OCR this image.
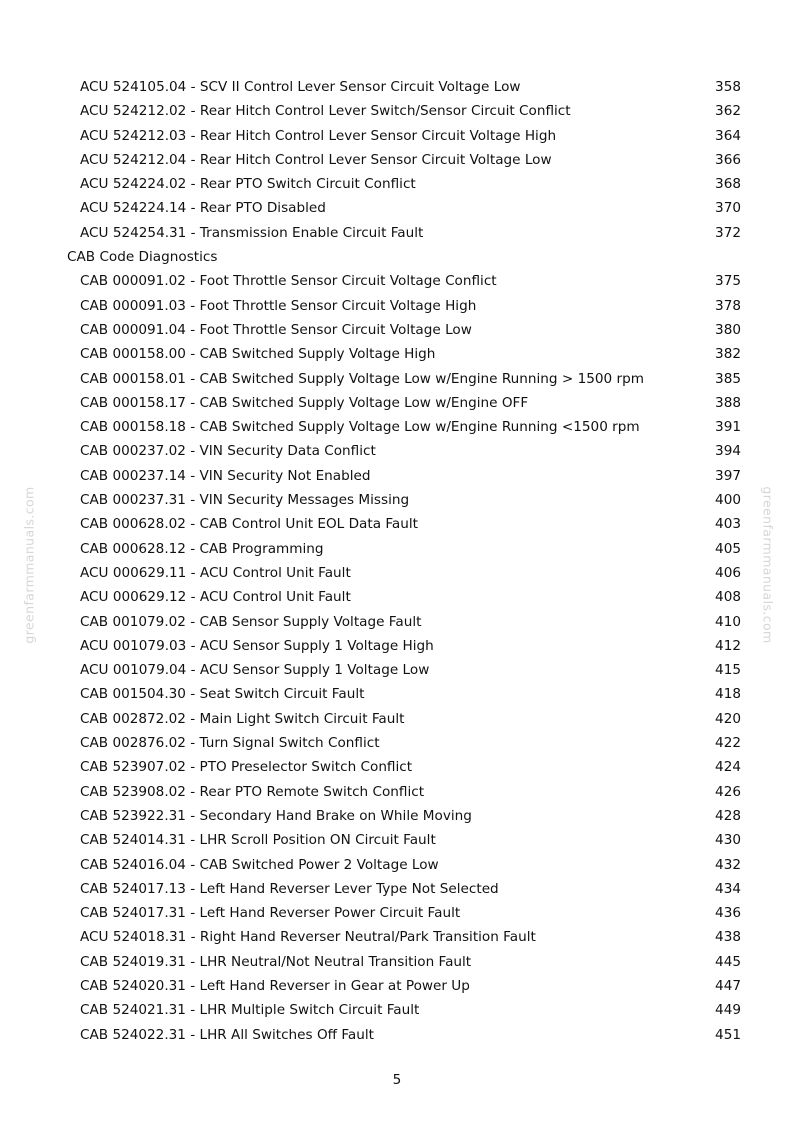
ACU 524105.04 - SCV II Control Lever Sensor Circuit Voltage Low	358
ACU 524212.02 - Rear Hitch Control Lever Switch/Sensor Circuit Conflict	362
ACU 524212.03 - Rear Hitch Control Lever Sensor Circuit Voltage High	364
ACU 524212.04 - Rear Hitch Control Lever Sensor Circuit Voltage Low	366
ACU 524224.02 - Rear PTO Switch Circuit Conflict	368
ACU 524224.14 - Rear PTO Disabled	370
ACU 524254.31 - Transmission Enable Circuit Fault	372
CAB Code Diagnostics
CAB 000091.02 - Foot Throttle Sensor Circuit Voltage Conflict	375
CAB 000091.03 - Foot Throttle Sensor Circuit Voltage High	378
CAB 000091.04 - Foot Throttle Sensor Circuit Voltage Low	380
CAB 000158.00 - CAB Switched Supply Voltage High	382
CAB 000158.01 - CAB Switched Supply Voltage Low w/Engine Running > 1500 rpm	385
CAB 000158.17 - CAB Switched Supply Voltage Low w/Engine OFF	388
CAB 000158.18 - CAB Switched Supply Voltage Low w/Engine Running <1500 rpm	391
CAB 000237.02 - VIN Security Data Conflict	394
CAB 000237.14 - VIN Security Not Enabled	397
CAB 000237.31 - VIN Security Messages Missing	400
CAB 000628.02 - CAB Control Unit EOL Data Fault	403
CAB 000628.12 - CAB Programming	405
ACU 000629.11 - ACU Control Unit Fault	406
ACU 000629.12 - ACU Control Unit Fault	408
CAB 001079.02 - CAB Sensor Supply Voltage Fault	410
ACU 001079.03 - ACU Sensor Supply 1 Voltage High	412
ACU 001079.04 - ACU Sensor Supply 1 Voltage Low	415
CAB 001504.30 - Seat Switch Circuit Fault	418
CAB 002872.02 - Main Light Switch Circuit Fault	420
CAB 002876.02 - Turn Signal Switch Conflict	422
CAB 523907.02 - PTO Preselector Switch Conflict	424
CAB 523908.02 - Rear PTO Remote Switch Conflict	426
CAB 523922.31 - Secondary Hand Brake on While Moving	428
CAB 524014.31 - LHR Scroll Position ON Circuit Fault	430
CAB 524016.04 - CAB Switched Power 2 Voltage Low	432
CAB 524017.13 - Left Hand Reverser Lever Type Not Selected	434
CAB 524017.31 - Left Hand Reverser Power Circuit Fault	436
ACU 524018.31 - Right Hand Reverser Neutral/Park Transition Fault	438
CAB 524019.31 - LHR Neutral/Not Neutral Transition Fault	445
CAB 524020.31 - Left Hand Reverser in Gear at Power Up	447
CAB 524021.31 - LHR Multiple Switch Circuit Fault	449
CAB 524022.31 - LHR All Switches Off Fault	451
greenfarmmanuals.com	greenfarmmanuals.com
5
